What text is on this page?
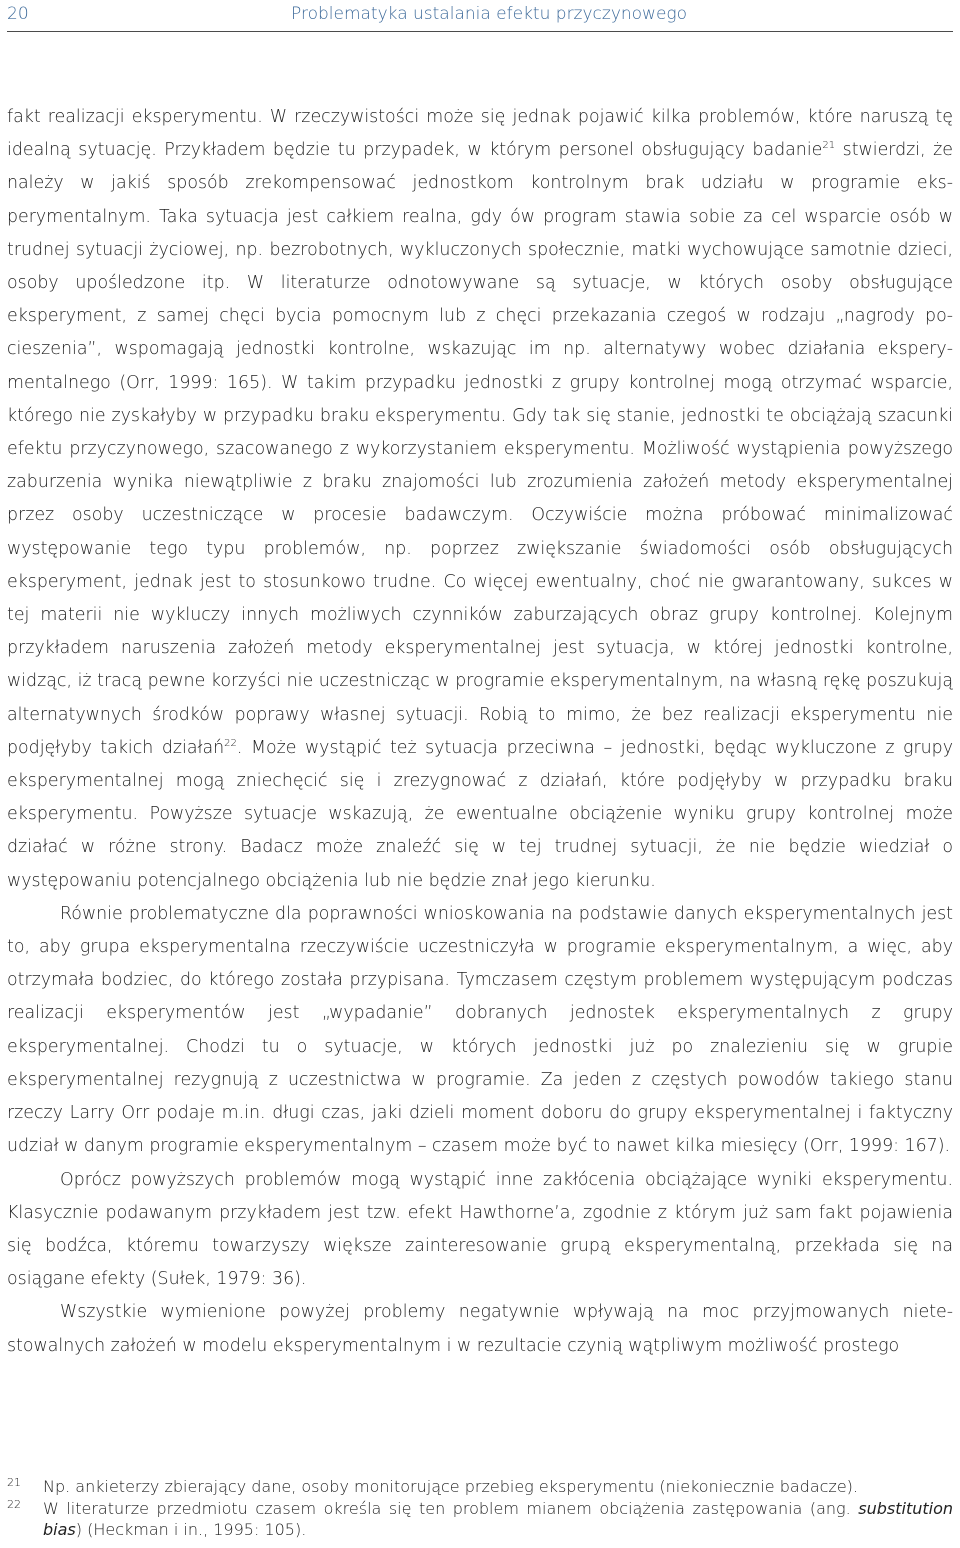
20	Problematyka ustalania efektu przyczynowego

fakt realizacji eksperymentu. W rzeczywistości może się jednak pojawić kilka problemów, które naruszą tę idealną sytuację. Przykładem będzie tu przypadek, w którym personel obsługujący badanie$^{21}$ stwierdzi, że należy w jakiś sposób zrekompensować jednostkom kontrolnym brak udziału w programie eksperymentalnym. Taka sytuacja jest całkiem realna, gdy ów program stawia sobie za cel wsparcie osób w trudnej sytuacji życiowej, np. bezrobotnych, wykluczonych społecznie, matki wychowujące samotnie dzieci, osoby upośledzone itp. W literaturze odnotowywane są sytuacje, w których osoby obsługujące eksperyment, z samej chęci bycia pomocnym lub z chęci przekazania czegoś w rodzaju „nagrody pocieszenia”, wspomagają jednostki kontrolne, wskazując im np. alternatywy wobec działania eksperymentalnego (Orr, 1999: 165). W takim przypadku jednostki z grupy kontrolnej mogą otrzymać wsparcie, którego nie zyskałyby w przypadku braku eksperymentu. Gdy tak się stanie, jednostki te obciążają szacunki efektu przyczynowego, szacowanego z wykorzystaniem eksperymentu. Możliwość wystąpienia powyższego zaburzenia wynika niewątpliwie z braku znajomości lub zrozumienia założeń metody eksperymentalnej przez osoby uczestniczące w procesie badawczym. Oczywiście można próbować minimalizować występowanie tego typu problemów, np. poprzez zwiększanie świadomości osób obsługujących eksperyment, jednak jest to stosunkowo trudne. Co więcej ewentualny, choć nie gwarantowany, sukces w tej materii nie wykluczy innych możliwych czynników zaburzających obraz grupy kontrolnej. Kolejnym przykładem naruszenia założeń metody eksperymentalnej jest sytuacja, w której jednostki kontrolne, widząc, iż tracą pewne korzyści nie uczestnicząc w programie eksperymentalnym, na własną rękę poszukują alternatywnych środków poprawy własnej sytuacji. Robią to mimo, że bez realizacji eksperymentu nie podjęłyby takich działań$^{22}$. Może wystąpić też sytuacja przeciwna – jednostki, będąc wykluczone z grupy eksperymentalnej mogą zniechęcić się i zrezygnować z działań, które podjęłyby w przypadku braku eksperymentu. Powyższe sytuacje wskazują, że ewentualne obciążenie wyniku grupy kontrolnej może działać w różne strony. Badacz może znaleźć się w tej trudnej sytuacji, że nie będzie wiedział o występowaniu potencjalnego obciążenia lub nie będzie znał jego kierunku.

Równie problematyczne dla poprawności wnioskowania na podstawie danych eksperymentalnych jest to, aby grupa eksperymentalna rzeczywiście uczestniczyła w programie eksperymentalnym, a więc, aby otrzymała bodziec, do którego została przypisana. Tymczasem częstym problemem występującym podczas realizacji eksperymentów jest „wypadanie” dobranych jednostek eksperymentalnych z grupy eksperymentalnej. Chodzi tu o sytuacje, w których jednostki już po znalezieniu się w grupie eksperymentalnej rezygnują z uczestnictwa w programie. Za jeden z częstych powodów takiego stanu rzeczy Larry Orr podaje m.in. długi czas, jaki dzieli moment doboru do grupy eksperymentalnej i faktyczny udział w danym programie eksperymentalnym – czasem może być to nawet kilka miesięcy (Orr, 1999: 167).

Oprócz powyższych problemów mogą wystąpić inne zakłócenia obciążające wyniki eksperymentu. Klasycznie podawanym przykładem jest tzw. efekt Hawthorne’a, zgodnie z którym już sam fakt pojawienia się bodźca, któremu towarzyszy większe zainteresowanie grupą eksperymentalną, przekłada się na osiągane efekty (Sułek, 1979: 36).

Wszystkie wymienione powyżej problemy negatywnie wpływają na moc przyjmowanych nietestowalnych założeń w modelu eksperymentalnym i w rezultacie czynią wątpliwym możliwość prostego

21 Np. ankieterzy zbierający dane, osoby monitorujące przebieg eksperymentu (niekoniecznie badacze).
22 W literaturze przedmiotu czasem określa się ten problem mianem obciążenia zastępowania (ang. substitution bias) (Heckman i in., 1995: 105).
